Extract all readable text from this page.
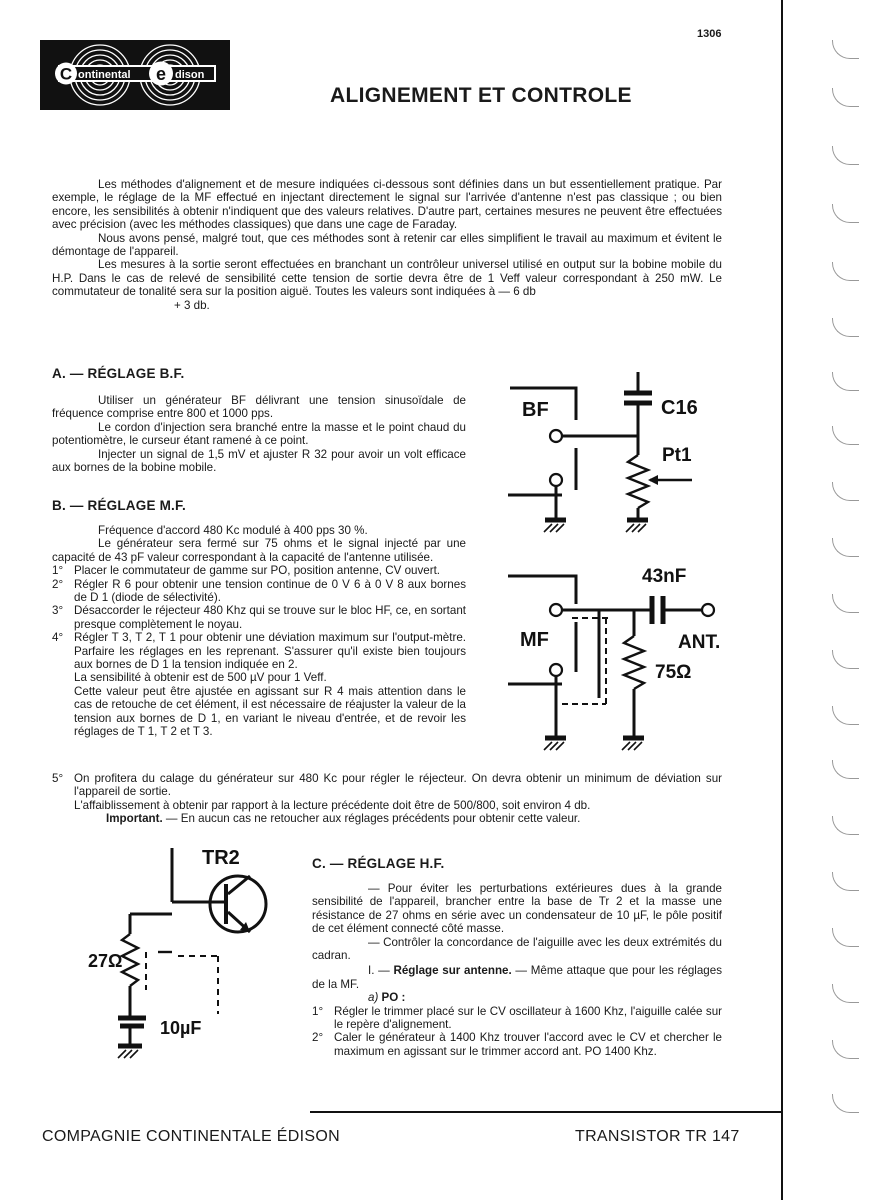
1306
C ontinental e dison
ALIGNEMENT ET CONTROLE

Les méthodes d'alignement et de mesure indiquées ci-dessous sont définies dans un but essentiellement pratique. Par exemple, le réglage de la MF effectué en injectant directement le signal sur l'arrivée d'antenne n'est pas classique ; ou bien encore, les sensibilités à obtenir n'indiquent que des valeurs relatives. D'autre part, certaines mesures ne peuvent être effectuées avec précision (avec les méthodes classiques) que dans une cage de Faraday.

Nous avons pensé, malgré tout, que ces méthodes sont à retenir car elles simplifient le travail au maximum et évitent le démontage de l'appareil.

Les mesures à la sortie seront effectuées en branchant un contrôleur universel utilisé en output sur la bobine mobile du H.P. Dans le cas de relevé de sensibilité cette tension de sortie devra être de 1 Veff valeur correspondant à 250 mW. Le commutateur de tonalité sera sur la position aiguë. Toutes les valeurs sont indiquées à — 6 db

+ 3 db.

A. — RÉGLAGE B.F.

Utiliser un générateur BF délivrant une tension sinusoïdale de fréquence comprise entre 800 et 1000 pps.

Le cordon d'injection sera branché entre la masse et le point chaud du potentiomètre, le curseur étant ramené à ce point.

Injecter un signal de 1,5 mV et ajuster R 32 pour avoir un volt efficace aux bornes de la bobine mobile.

B. — RÉGLAGE M.F.

Fréquence d'accord 480 Kc modulé à 400 pps 30 %.

Le générateur sera fermé sur 75 ohms et le signal injecté par une capacité de 43 pF valeur correspondant à la capacité de l'antenne utilisée.

1° Placer le commutateur de gamme sur PO, position antenne, CV ouvert.
2° Régler R 6 pour obtenir une tension continue de 0 V 6 à 0 V 8 aux bornes de D 1 (diode de sélectivité).
3° Désaccorder le réjecteur 480 Khz qui se trouve sur le bloc HF, ce, en sortant presque complètement le noyau.
4° Régler T 3, T 2, T 1 pour obtenir une déviation maximum sur l'output-mètre. Parfaire les réglages en les reprenant. S'assurer qu'il existe bien toujours aux bornes de D 1 la tension indiquée en 2.

La sensibilité à obtenir est de 500 µV pour 1 Veff.

Cette valeur peut être ajustée en agissant sur R 4 mais attention dans le cas de retouche de cet élément, il est nécessaire de réajuster la valeur de la tension aux bornes de D 1, en variant le niveau d'entrée, et de revoir les réglages de T 1, T 2 et T 3.

5° On profitera du calage du générateur sur 480 Kc pour régler le réjecteur. On devra obtenir un minimum de déviation sur l'appareil de sortie.

L'affaiblissement à obtenir par rapport à la lecture précédente doit être de 500/800, soit environ 4 db.

Important. — En aucun cas ne retoucher aux réglages précédents pour obtenir cette valeur.

C. — RÉGLAGE H.F.

— Pour éviter les perturbations extérieures dues à la grande sensibilité de l'appareil, brancher entre la base de Tr 2 et la masse une résistance de 27 ohms en série avec un condensateur de 10 µF, le pôle positif de cet élément connecté côté masse.

— Contrôler la concordance de l'aiguille avec les deux extrémités du cadran.

I. — Réglage sur antenne. — Même attaque que pour les réglages de la MF.

a) PO :

1° Régler le trimmer placé sur le CV oscillateur à 1600 Khz, l'aiguille calée sur le repère d'alignement.
2° Caler le générateur à 1400 Khz trouver l'accord avec le CV et chercher le maximum en agissant sur le trimmer accord ant. PO 1400 Khz.
BF	C16
Pt1
43nF
MF	ANT.
75Ω
TR2
27Ω
10µF
COMPAGNIE CONTINENTALE ÉDISON	TRANSISTOR TR 147
